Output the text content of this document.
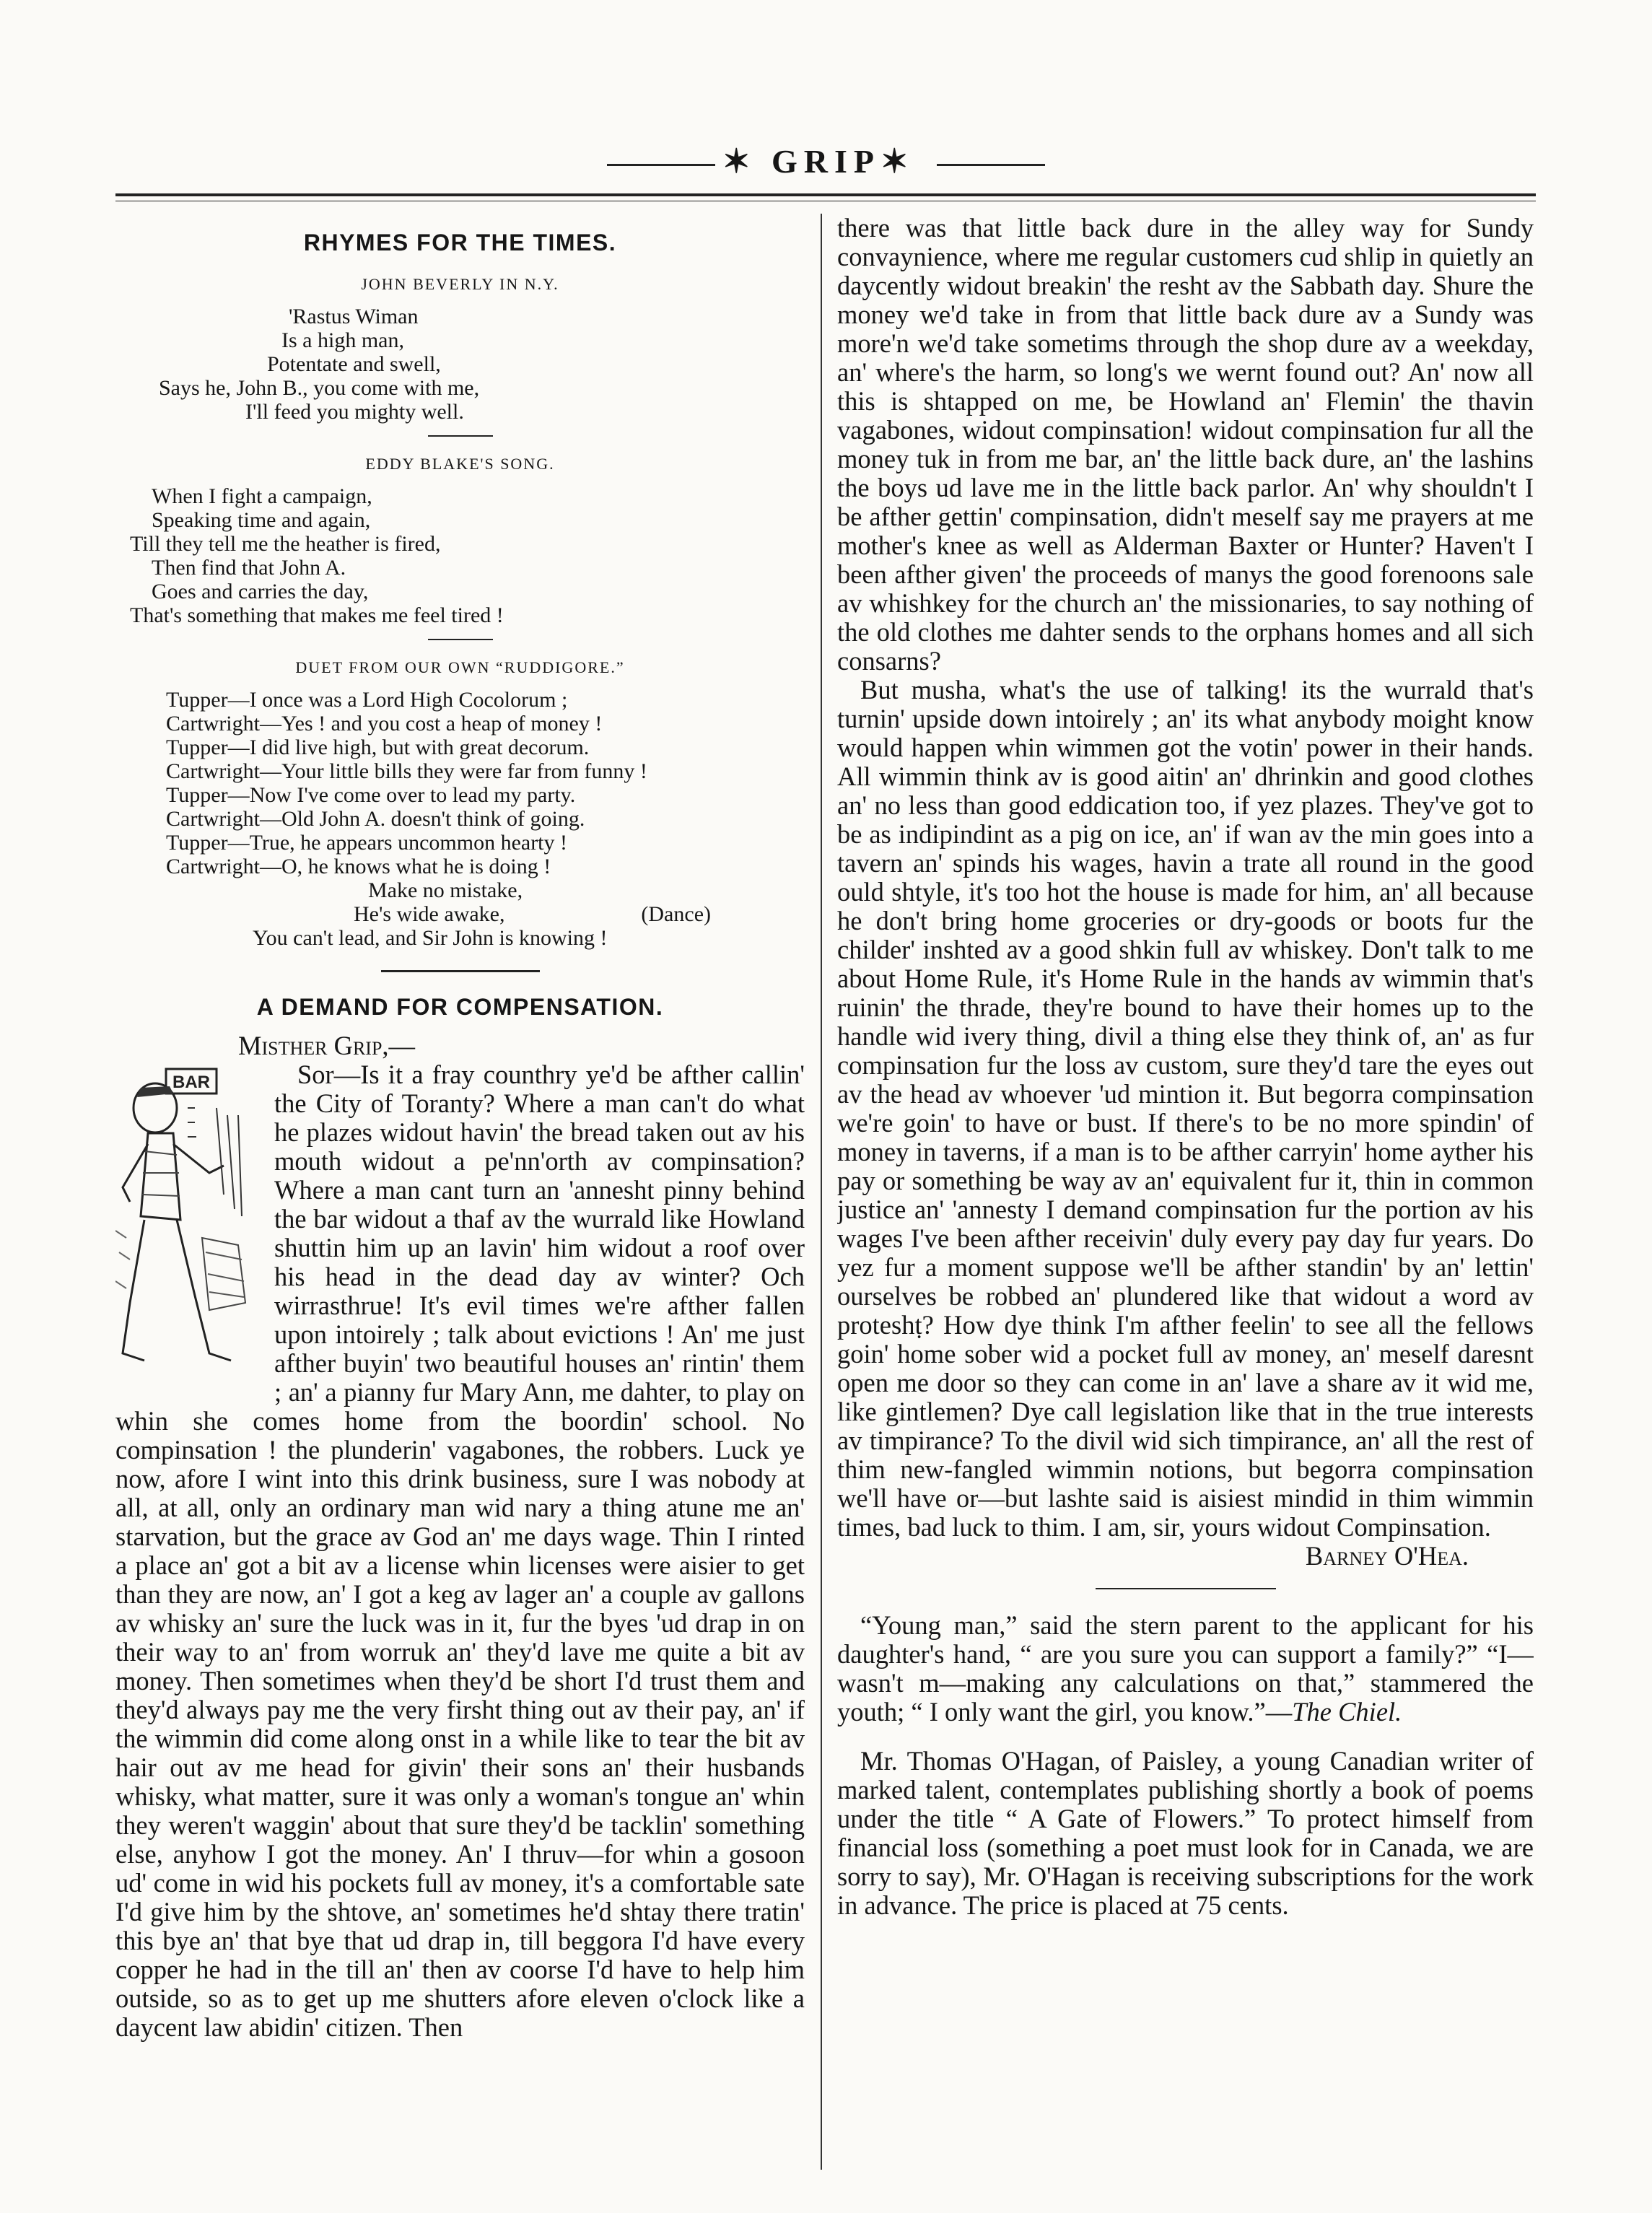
✶ GRIP✶
RHYMES FOR THE TIMES.
JOHN BEVERLY IN N.Y.
'Rastus Wiman
Is a high man,
Potentate and swell,
Says he, John B., you come with me,
I'll feed you mighty well.
EDDY BLAKE'S SONG.
When I fight a campaign,
Speaking time and again,
Till they tell me the heather is fired,
Then find that John A.
Goes and carries the day,
That's something that makes me feel tired !
DUET FROM OUR OWN “RUDDIGORE.”
Tupper—I once was a Lord High Cocolorum ;
Cartwright—Yes ! and you cost a heap of money !
Tupper—I did live high, but with great decorum.
Cartwright—Your little bills they were far from funny !
Tupper—Now I've come over to lead my party.
Cartwright—Old John A. doesn't think of going.
Tupper—True, he appears uncommon hearty !
Cartwright—O, he knows what he is doing !
Make no mistake,
He's wide awake,	(Dance)
You can't lead, and Sir John is knowing !
A DEMAND FOR COMPENSATION.

Misther Grip,—

BAR	Sor—Is it a fray counthry ye'd be afther callin' the City of Toranty? Where a man can't do what he plazes widout havin' the bread taken out av his mouth widout a pe'nn'orth av compinsation? Where a man cant turn an 'annesht pinny behind the bar widout a thaf av the wurrald like Howland shuttin him up an lavin' him widout a roof over his head in the dead day av winter? Och wirrasthrue! It's evil times we're afther fallen upon intoirely ; talk about evictions ! An' me just afther buyin' two beautiful houses an' rintin' them ; an' a pianny fur Mary Ann, me dahter, to play on whin she comes home from the boordin' school. No compinsation ! the plunderin' vagabones, the robbers. Luck ye now, afore I wint into this drink business, sure I was nobody at all, at all, only an ordinary man wid nary a thing atune me an' starvation, but the grace av God an' me days wage. Thin I rinted a place an' got a bit av a license whin licenses were aisier to get than they are now, an' I got a keg av lager an' a couple av gallons av whisky an' sure the luck was in it, fur the byes 'ud drap in on their way to an' from worruk an' they'd lave me quite a bit av money. Then sometimes when they'd be short I'd trust them and they'd always pay me the very firsht thing out av their pay, an' if the wimmin did come along onst in a while like to tear the bit av hair out av me head for givin' their sons an' their husbands whisky, what matter, sure it was only a woman's tongue an' whin they weren't waggin' about that sure they'd be tacklin' something else, anyhow I got the money. An' I thruv—for whin a gosoon ud' come in wid his pockets full av money, it's a comfortable sate I'd give him by the shtove, an' sometimes he'd shtay there tratin' this bye an' that bye that ud drap in, till beggora I'd have every copper he had in the till an' then av coorse I'd have to help him outside, so as to get up me shutters afore eleven o'clock like a daycent law abidin' citizen. Then

there was that little back dure in the alley way for Sundy convaynience, where me regular customers cud shlip in quietly an daycently widout breakin' the resht av the Sabbath day. Shure the money we'd take in from that little back dure av a Sundy was more'n we'd take sometims through the shop dure av a weekday, an' where's the harm, so long's we wernt found out? An' now all this is shtapped on me, be Howland an' Flemin' the thavin vagabones, widout compinsation! widout compinsation fur all the money tuk in from me bar, an' the little back dure, an' the lashins the boys ud lave me in the little back parlor. An' why shouldn't I be afther gettin' compinsation, didn't meself say me prayers at me mother's knee as well as Alderman Baxter or Hunter? Haven't I been afther given' the proceeds of manys the good forenoons sale av whishkey for the church an' the missionaries, to say nothing of the old clothes me dahter sends to the orphans homes and all sich consarns?

But musha, what's the use of talking! its the wurrald that's turnin' upside down intoirely ; an' its what anybody moight know would happen whin wimmen got the votin' power in their hands. All wimmin think av is good aitin' an' dhrinkin and good clothes an' no less than good eddication too, if yez plazes. They've got to be as indipindint as a pig on ice, an' if wan av the min goes into a tavern an' spinds his wages, havin a trate all round in the good ould shtyle, it's too hot the house is made for him, an' all because he don't bring home groceries or dry-goods or boots fur the childer' inshted av a good shkin full av whiskey. Don't talk to me about Home Rule, it's Home Rule in the hands av wimmin that's ruinin' the thrade, they're bound to have their homes up to the handle wid ivery thing, divil a thing else they think of, an' as fur compinsation fur the loss av custom, sure they'd tare the eyes out av the head av whoever 'ud mintion it. But begorra compinsation we're goin' to have or bust. If there's to be no more spindin' of money in taverns, if a man is to be afther carryin' home ayther his pay or something be way av an' equivalent fur it, thin in common justice an' 'annesty I demand compinsation fur the portion av his wages I've been afther receivin' duly every pay day fur years. Do yez fur a moment suppose we'll be afther standin' by an' lettin' ourselves be robbed an' plundered like that widout a word av proteshṭ? How dye think I'm afther feelin' to see all the fellows goin' home sober wid a pocket full av money, an' meself daresnt open me door so they can come in an' lave a share av it wid me, like gintlemen? Dye call legislation like that in the true interests av timpirance? To the divil wid sich timpirance, an' all the rest of thim new-fangled wimmin notions, but begorra compinsation we'll have or—but lashte said is aisiest mindid in thim wimmin times, bad luck to thim. I am, sir, yours widout Compinsation.

Barney O'Hea.

“Young man,” said the stern parent to the applicant for his daughter's hand, “ are you sure you can support a family?” “I—wasn't m—making any calculations on that,” stammered the youth; “ I only want the girl, you know.”—The Chiel.

Mr. Thomas O'Hagan, of Paisley, a young Canadian writer of marked talent, contemplates publishing shortly a book of poems under the title “ A Gate of Flowers.” To protect himself from financial loss (something a poet must look for in Canada, we are sorry to say), Mr. O'Hagan is receiving subscriptions for the work in advance. The price is placed at 75 cents.
